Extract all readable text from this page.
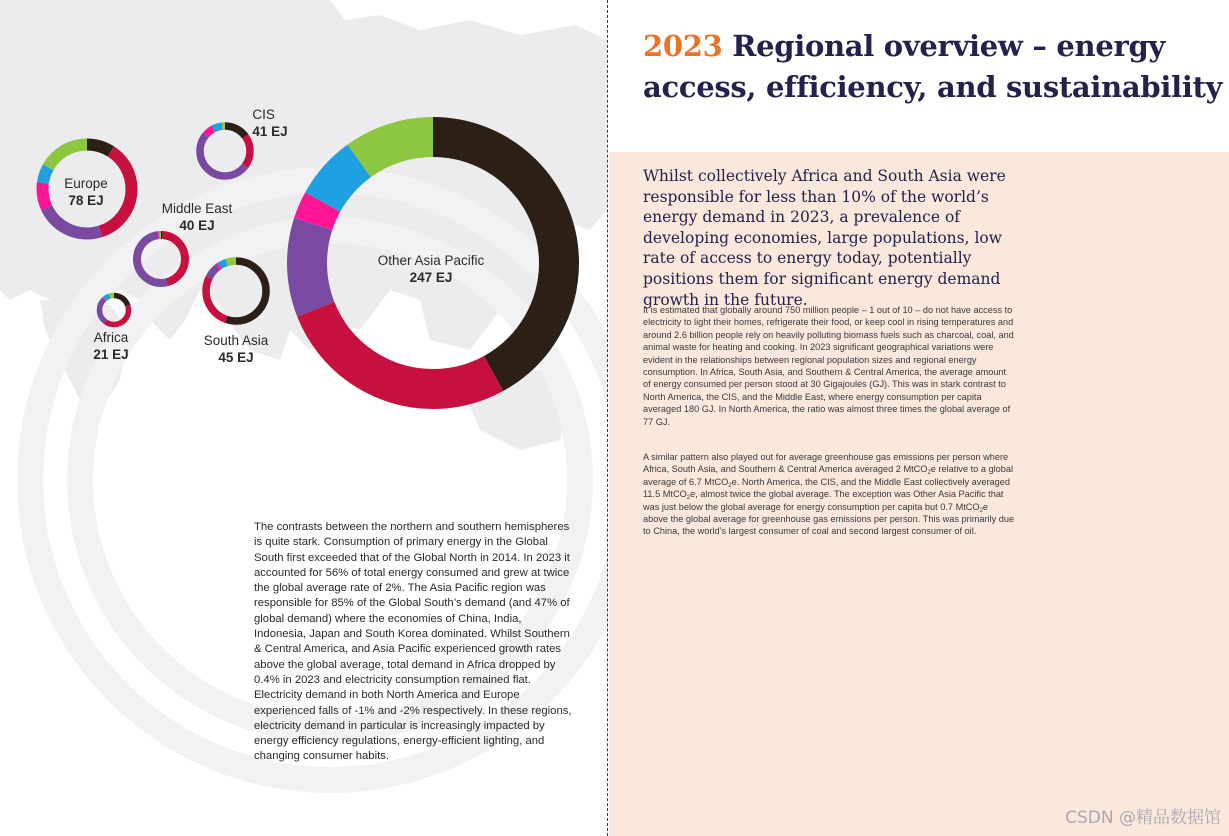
Europe
78 EJ
CIS
41 EJ
Middle East
40 EJ
Africa
21 EJ
South Asia
45 EJ
Other Asia Pacific
247 EJ

The contrasts between the northern and southern hemispheres is quite stark. Consumption of primary energy in the Global South first exceeded that of the Global North in 2014. In 2023 it accounted for 56% of total energy consumed and grew at twice the global average rate of 2%. The Asia Pacific region was responsible for 85% of the Global South’s demand (and 47% of global demand) where the economies of China, India, Indonesia, Japan and South Korea dominated. Whilst Southern & Central America, and Asia Pacific experienced growth rates above the global average, total demand in Africa dropped by 0.4% in 2023 and electricity consumption remained flat. Electricity demand in both North America and Europe experienced falls of -1% and -2% respectively. In these regions, electricity demand in particular is increasingly impacted by energy efficiency regulations, energy-efficient lighting, and changing consumer habits.

2023 Regional overview – energy access, efficiency, and sustainability

Whilst collectively Africa and South Asia were responsible for less than 10% of the world’s energy demand in 2023, a prevalence of developing economies, large populations, low rate of access to energy today, potentially positions them for significant energy demand growth in the future.

It is estimated that globally around 750 million people – 1 out of 10 – do not have access to electricity to light their homes, refrigerate their food, or keep cool in rising temperatures and around 2.6 billion people rely on heavily polluting biomass fuels such as charcoal, coal, and animal waste for heating and cooking. In 2023 significant geographical variations were evident in the relationships between regional population sizes and regional energy consumption. In Africa, South Asia, and Southern & Central America, the average amount of energy consumed per person stood at 30 Gigajoules (GJ). This was in stark contrast to North America, the CIS, and the Middle East, where energy consumption per capita averaged 180 GJ. In North America, the ratio was almost three times the global average of 77 GJ.

A similar pattern also played out for average greenhouse gas emissions per person where Africa, South Asia, and Southern & Central America averaged 2 MtCO$_2$e relative to a global average of 6.7 MtCO$_2$e. North America, the CIS, and the Middle East collectively averaged 11.5 MtCO$_2$e, almost twice the global average. The exception was Other Asia Pacific that was just below the global average for energy consumption per capita but 0.7 MtCO$_2$e above the global average for greenhouse gas emissions per person. This was primarily due to China, the world’s largest consumer of coal and second largest consumer of oil.

CSDN @精品数据馆
